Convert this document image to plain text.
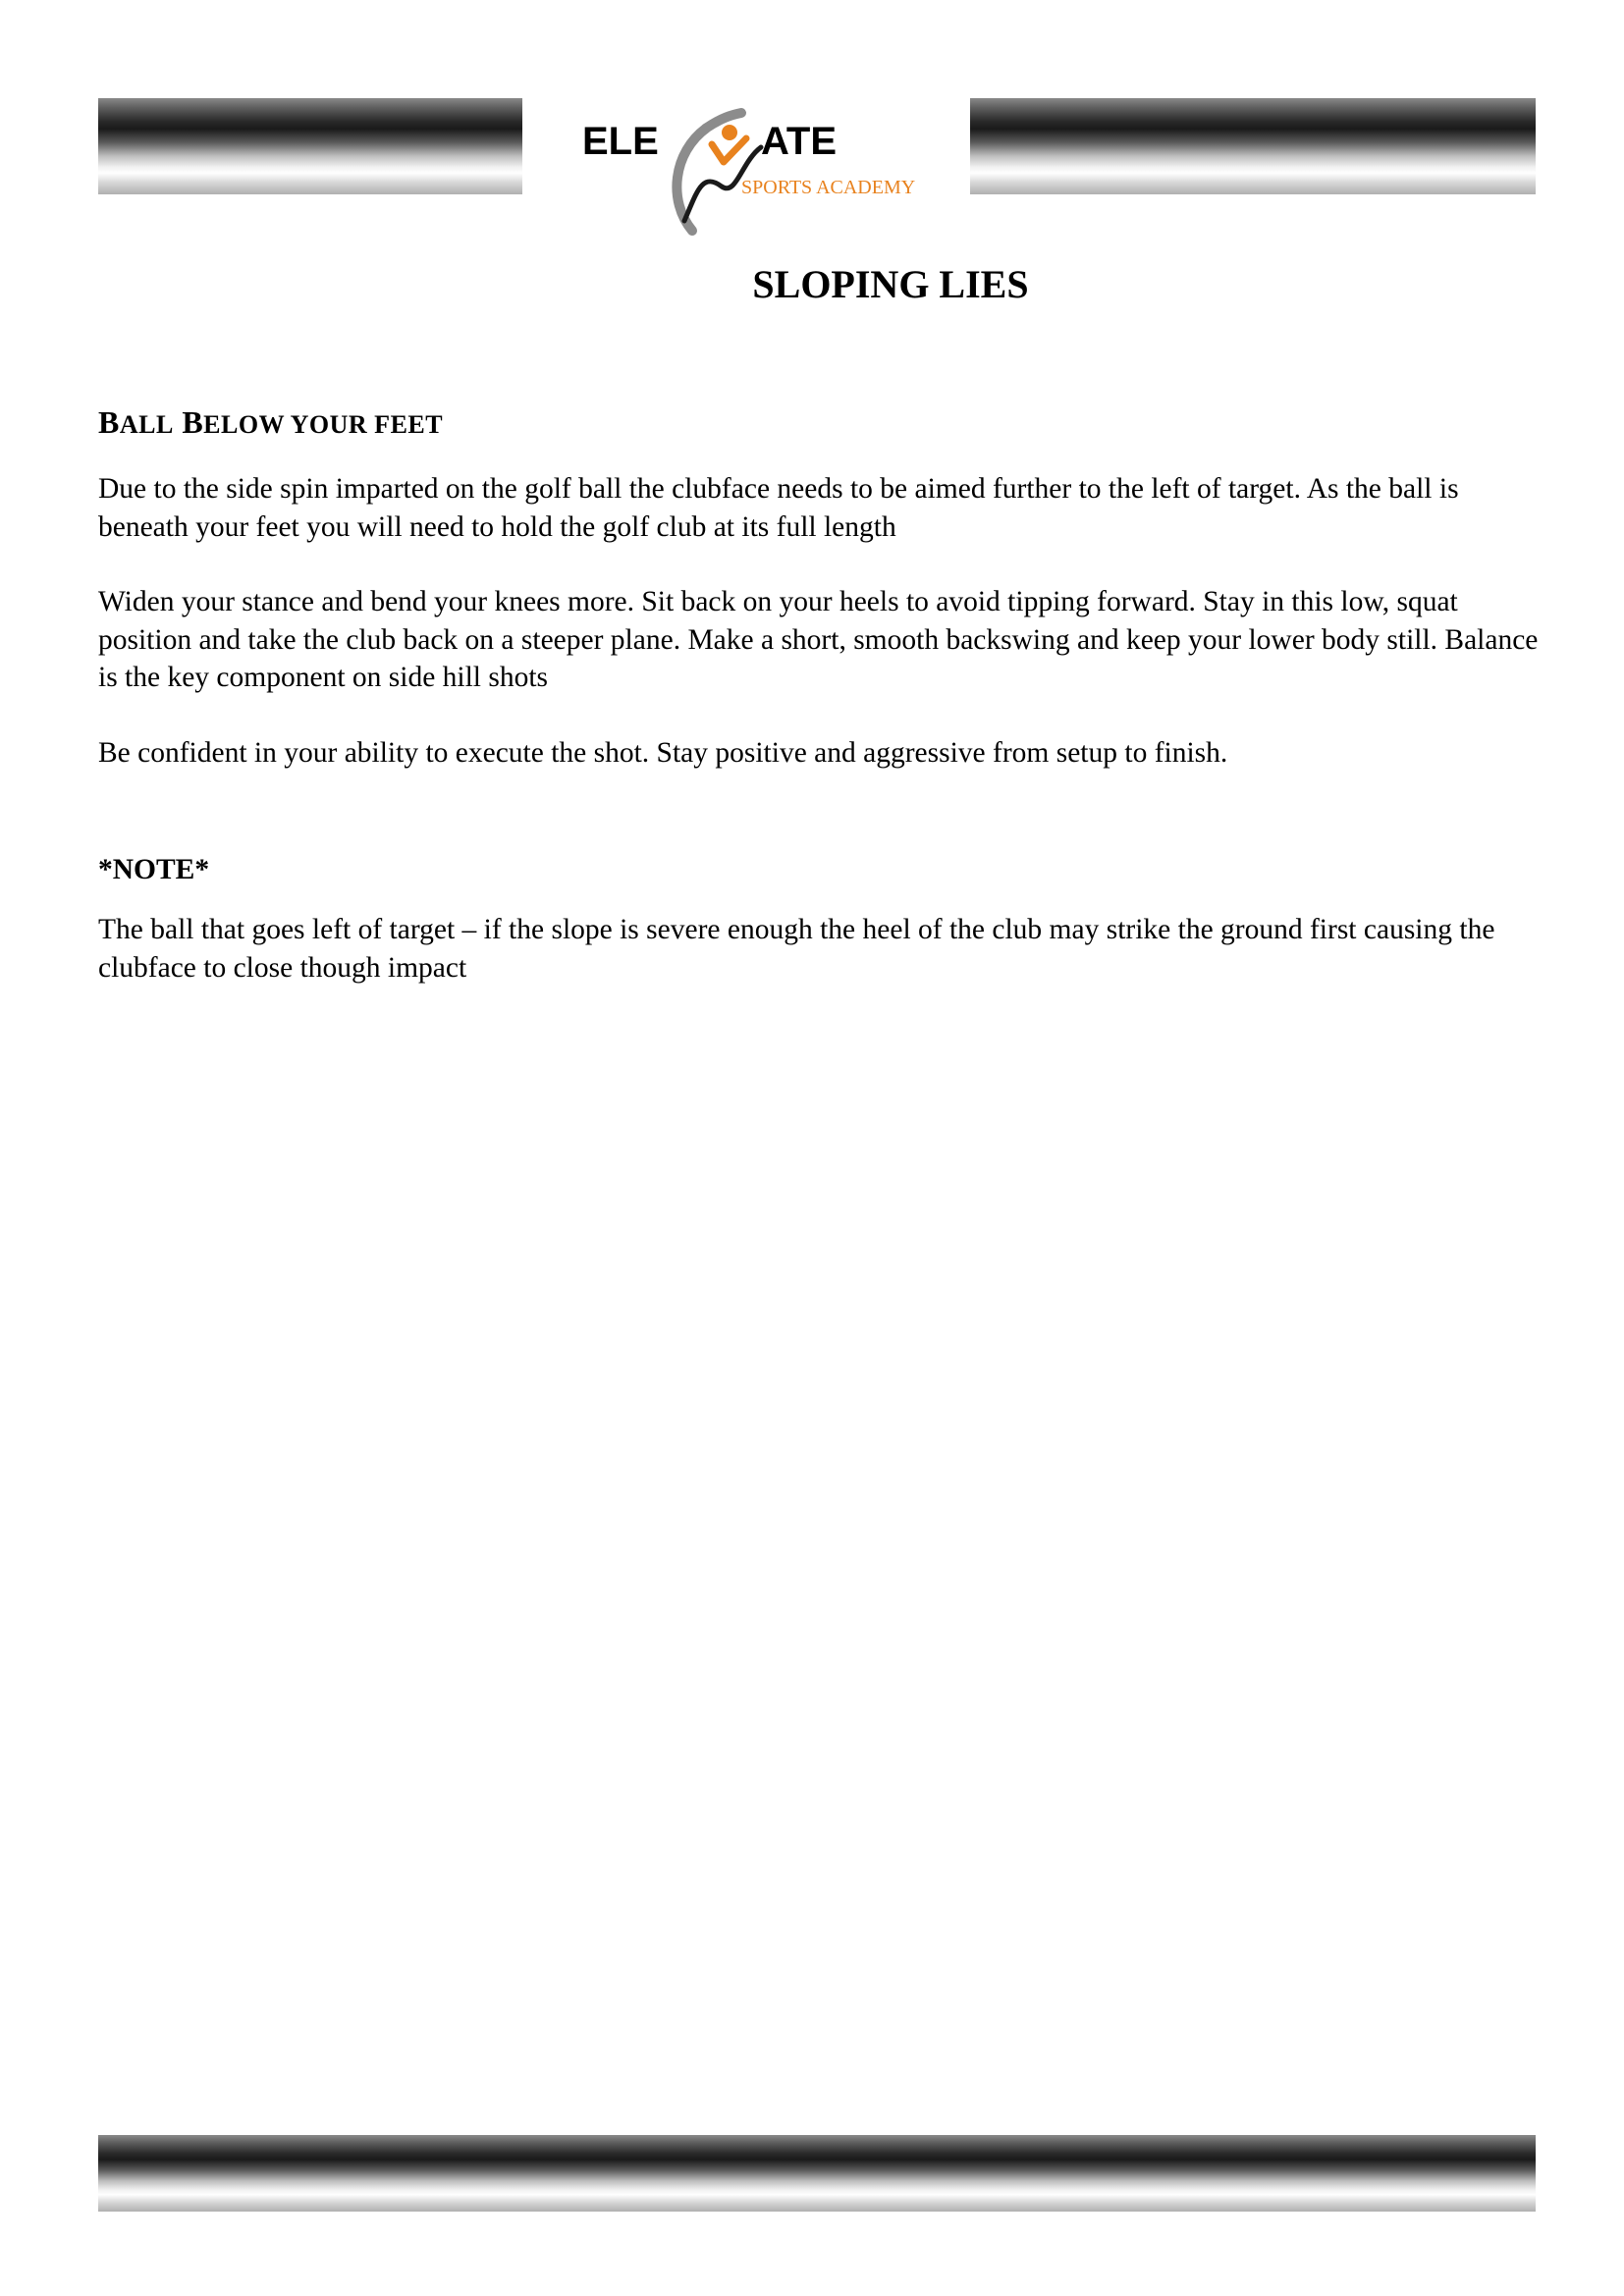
ELE	ATE
SPORTS ACADEMY
SLOPING LIES
BALL BELOW YOUR FEET

Due to the side spin imparted on the golf ball the clubface needs to be aimed further to the left of target. As the ball is beneath your feet you will need to hold the golf club at its full length

Widen your stance and bend your knees more. Sit back on your heels to avoid tipping forward. Stay in this low, squat position and take the club back on a steeper plane. Make a short, smooth backswing and keep your lower body still. Balance is the key component on side hill shots

Be confident in your ability to execute the shot. Stay positive and aggressive from setup to finish.

*NOTE*

The ball that goes left of target – if the slope is severe enough the heel of the club may strike the ground first causing the clubface to close though impact
